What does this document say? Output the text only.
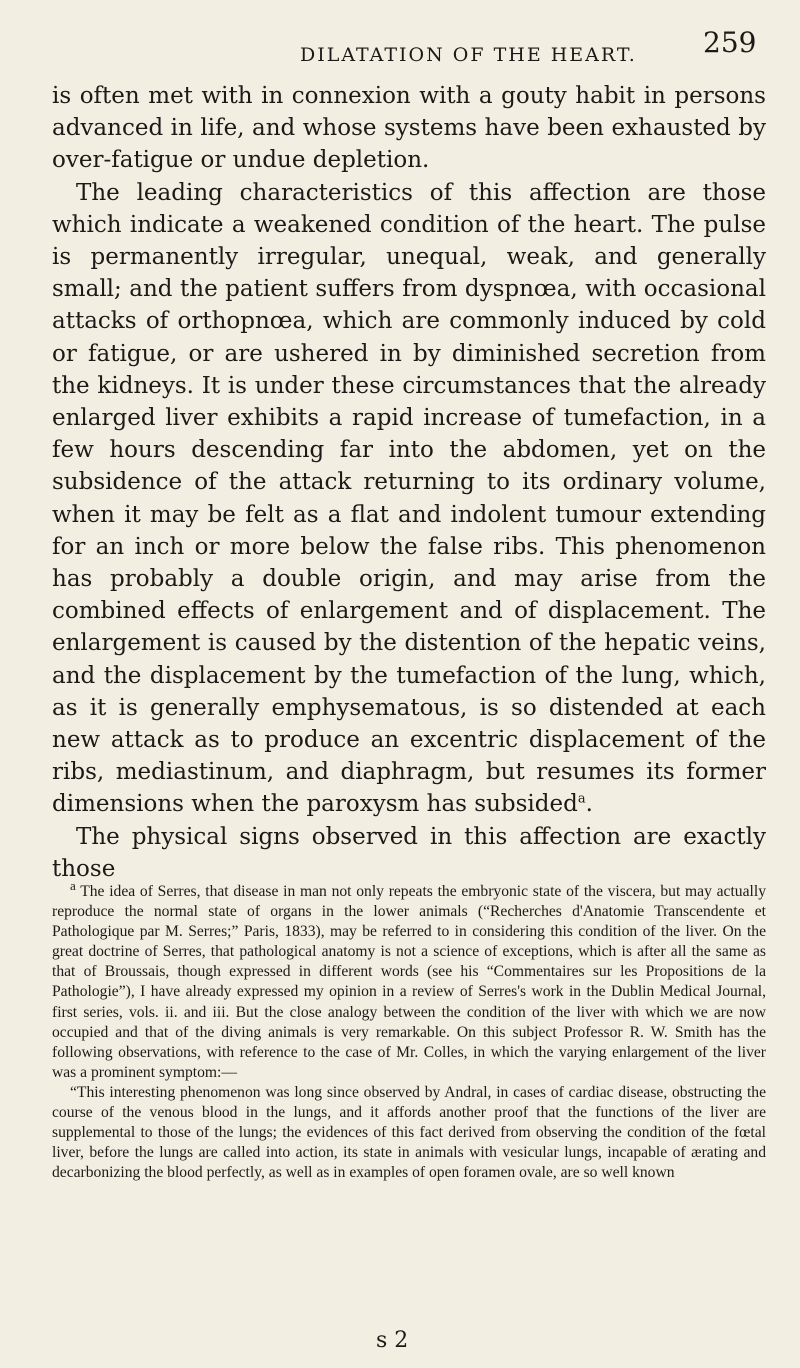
DILATATION OF THE HEART. 259

is often met with in connexion with a gouty habit in persons advanced in life, and whose systems have been exhausted by over-fatigue or undue depletion.

The leading characteristics of this affection are those which indicate a weakened condition of the heart. The pulse is permanently irregular, unequal, weak, and generally small; and the patient suffers from dyspnœa, with occasional attacks of orthopnœa, which are commonly induced by cold or fatigue, or are ushered in by diminished secretion from the kidneys. It is under these circumstances that the already enlarged liver exhibits a rapid increase of tumefaction, in a few hours descending far into the abdomen, yet on the subsidence of the attack returning to its ordinary volume, when it may be felt as a flat and indolent tumour extending for an inch or more below the false ribs. This phenomenon has probably a double origin, and may arise from the combined effects of enlargement and of displacement. The enlargement is caused by the distention of the hepatic veins, and the displacement by the tumefaction of the lung, which, as it is generally emphysematous, is so distended at each new attack as to produce an excentric displacement of the ribs, mediastinum, and diaphragm, but resumes its former dimensions when the paroxysm has subsided$^a$.

The physical signs observed in this affection are exactly those

$^a$ The idea of Serres, that disease in man not only repeats the embryonic state of the viscera, but may actually reproduce the normal state of organs in the lower animals (“Recherches d'Anatomie Transcendente et Pathologique par M. Serres;” Paris, 1833), may be referred to in considering this condition of the liver. On the great doctrine of Serres, that pathological anatomy is not a science of exceptions, which is after all the same as that of Broussais, though expressed in different words (see his “Commentaires sur les Propositions de la Pathologie”), I have already expressed my opinion in a review of Serres's work in the Dublin Medical Journal, first series, vols. ii. and iii. But the close analogy between the condition of the liver with which we are now occupied and that of the diving animals is very remarkable. On this subject Professor R. W. Smith has the following observations, with reference to the case of Mr. Colles, in which the varying enlargement of the liver was a prominent symptom:—

“This interesting phenomenon was long since observed by Andral, in cases of cardiac disease, obstructing the course of the venous blood in the lungs, and it affords another proof that the functions of the liver are supplemental to those of the lungs; the evidences of this fact derived from observing the condition of the fœtal liver, before the lungs are called into action, its state in animals with vesicular lungs, incapable of ærating and decarbonizing the blood perfectly, as well as in examples of open foramen ovale, are so well known

s 2
